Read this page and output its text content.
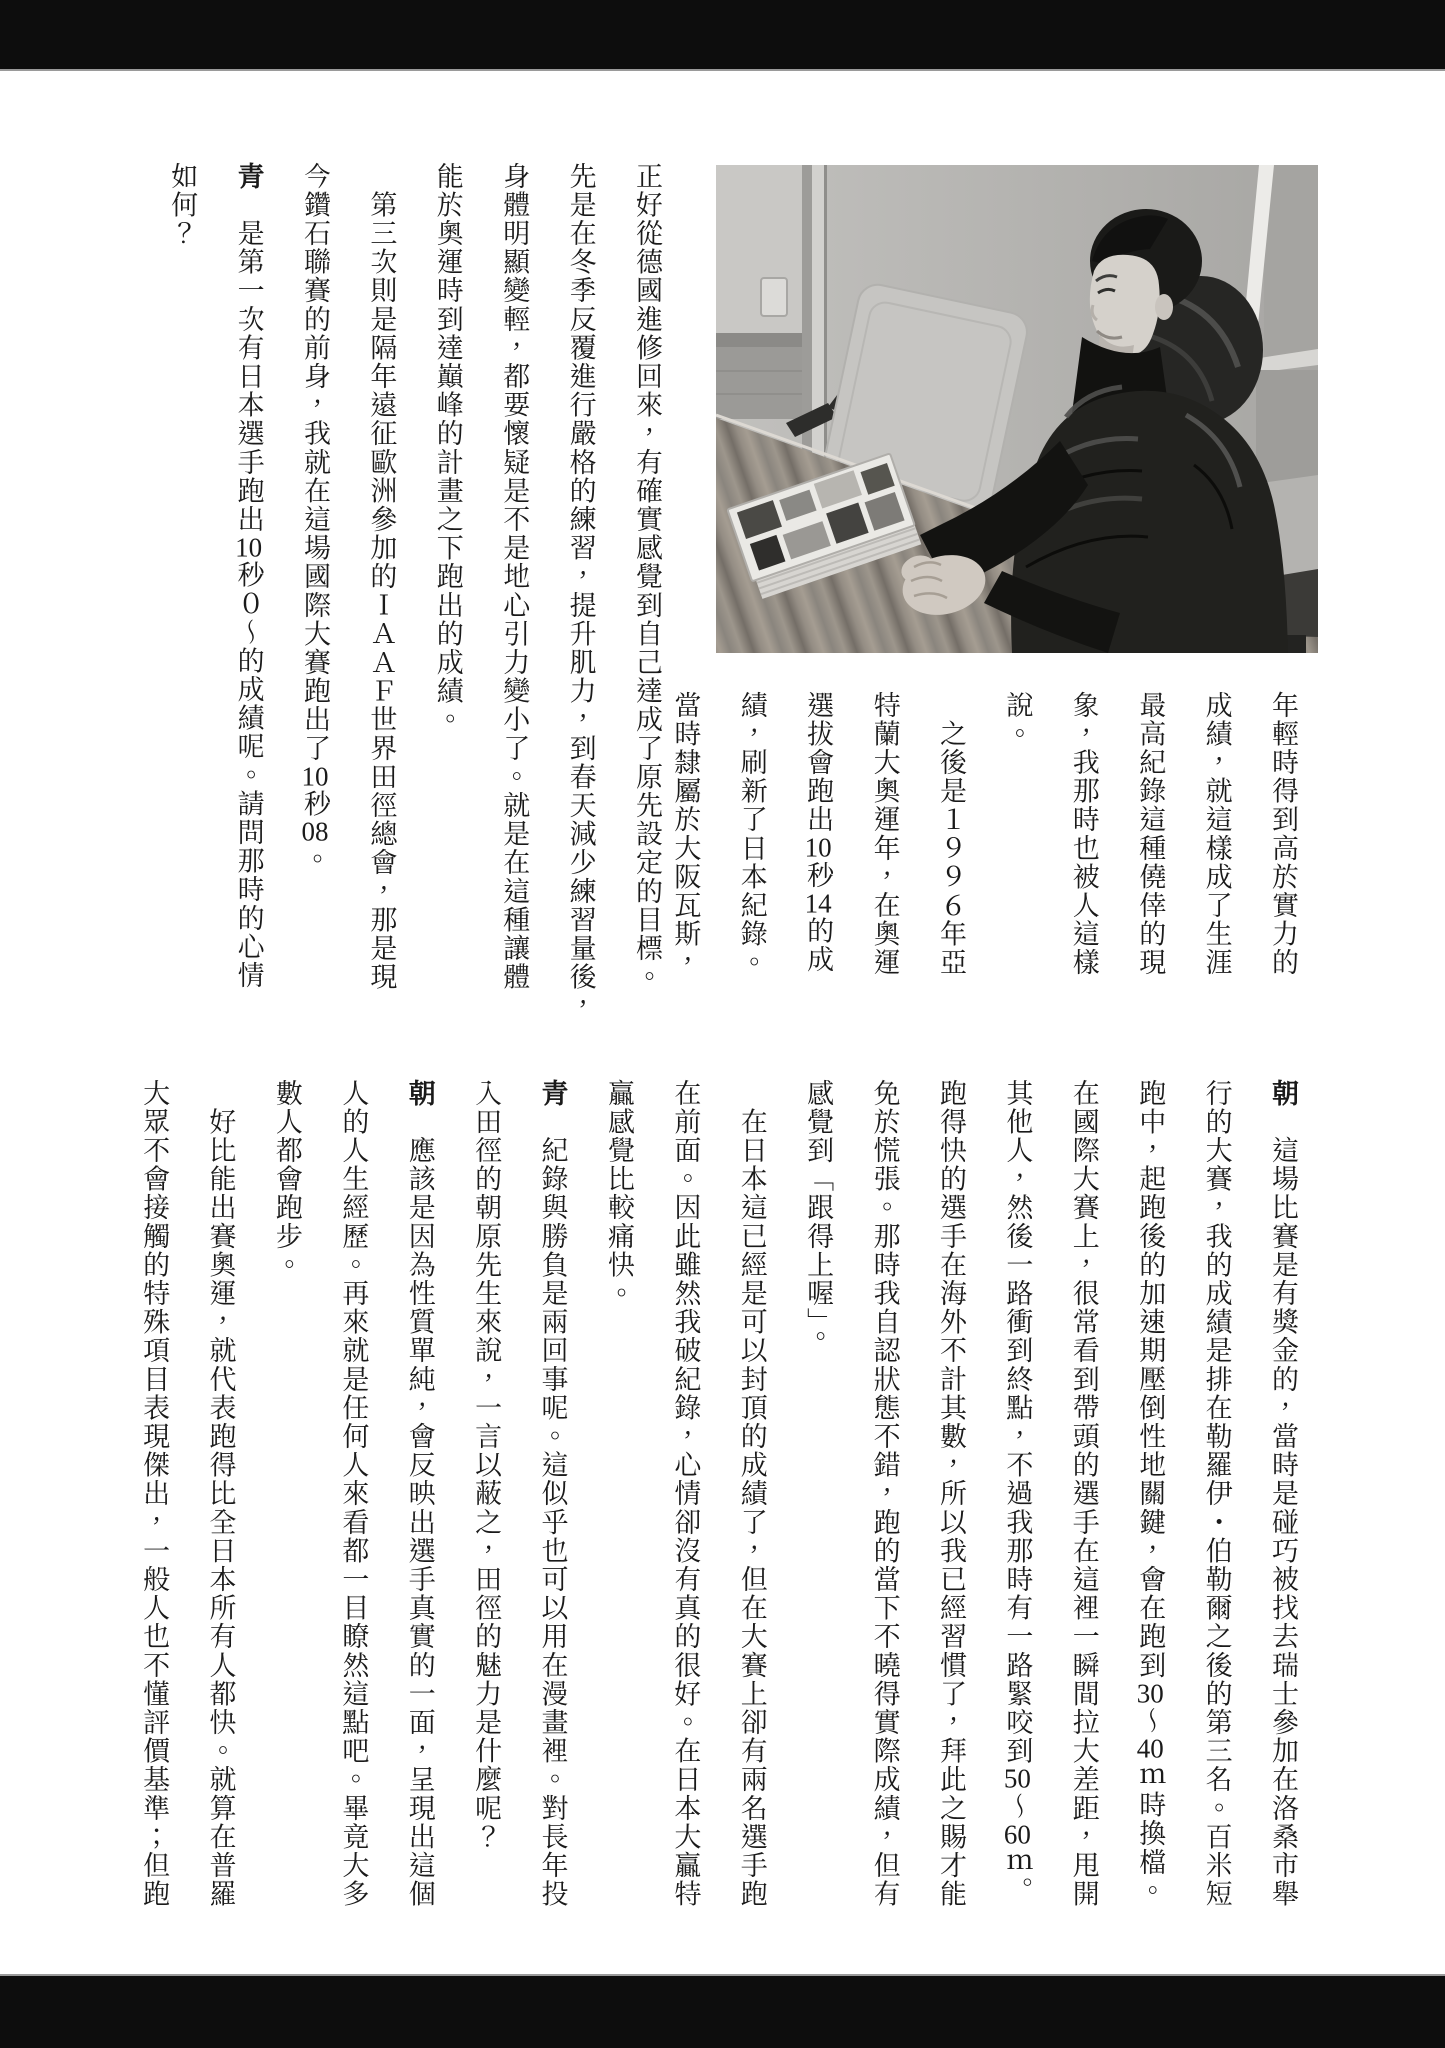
年輕時得到高於實力的

成績，就這樣成了生涯

最高紀錄這種僥倖的現

象，我那時也被人這樣

說。

　之後是１９９６年亞

特蘭大奧運年，在奧運

選拔會跑出10秒14的成

績，刷新了日本紀錄。

當時隸屬於大阪瓦斯，

正好從德國進修回來，有確實感覺到自己達成了原先設定的目標。

先是在冬季反覆進行嚴格的練習，提升肌力，到春天減少練習量後，

身體明顯變輕，都要懷疑是不是地心引力變小了。就是在這種讓體

能於奧運時到達巔峰的計畫之下跑出的成績。

　第三次則是隔年遠征歐洲參加的ＩＡＡＦ世界田徑總會，那是現

今鑽石聯賽的前身，我就在這場國際大賽跑出了10秒08。

青　是第一次有日本選手跑出10秒０～的成績呢。請問那時的心情

如何？

朝　這場比賽是有獎金的，當時是碰巧被找去瑞士參加在洛桑市舉

行的大賽，我的成績是排在勒羅伊・伯勒爾之後的第三名。百米短

跑中，起跑後的加速期壓倒性地關鍵，會在跑到30～40ｍ時換檔。

在國際大賽上，很常看到帶頭的選手在這裡一瞬間拉大差距，甩開

其他人，然後一路衝到終點，不過我那時有一路緊咬到50～60ｍ。

跑得快的選手在海外不計其數，所以我已經習慣了，拜此之賜才能

免於慌張。那時我自認狀態不錯，跑的當下不曉得實際成績，但有

感覺到「跟得上喔」。

　在日本這已經是可以封頂的成績了，但在大賽上卻有兩名選手跑

在前面。因此雖然我破紀錄，心情卻沒有真的很好。在日本大贏特

贏感覺比較痛快。

青　紀錄與勝負是兩回事呢。這似乎也可以用在漫畫裡。對長年投

入田徑的朝原先生來說，一言以蔽之，田徑的魅力是什麼呢？

朝　應該是因為性質單純，會反映出選手真實的一面，呈現出這個

人的人生經歷。再來就是任何人來看都一目瞭然這點吧。畢竟大多

數人都會跑步。

　好比能出賽奧運，就代表跑得比全日本所有人都快。就算在普羅

大眾不會接觸的特殊項目表現傑出，一般人也不懂評價基準；但跑
